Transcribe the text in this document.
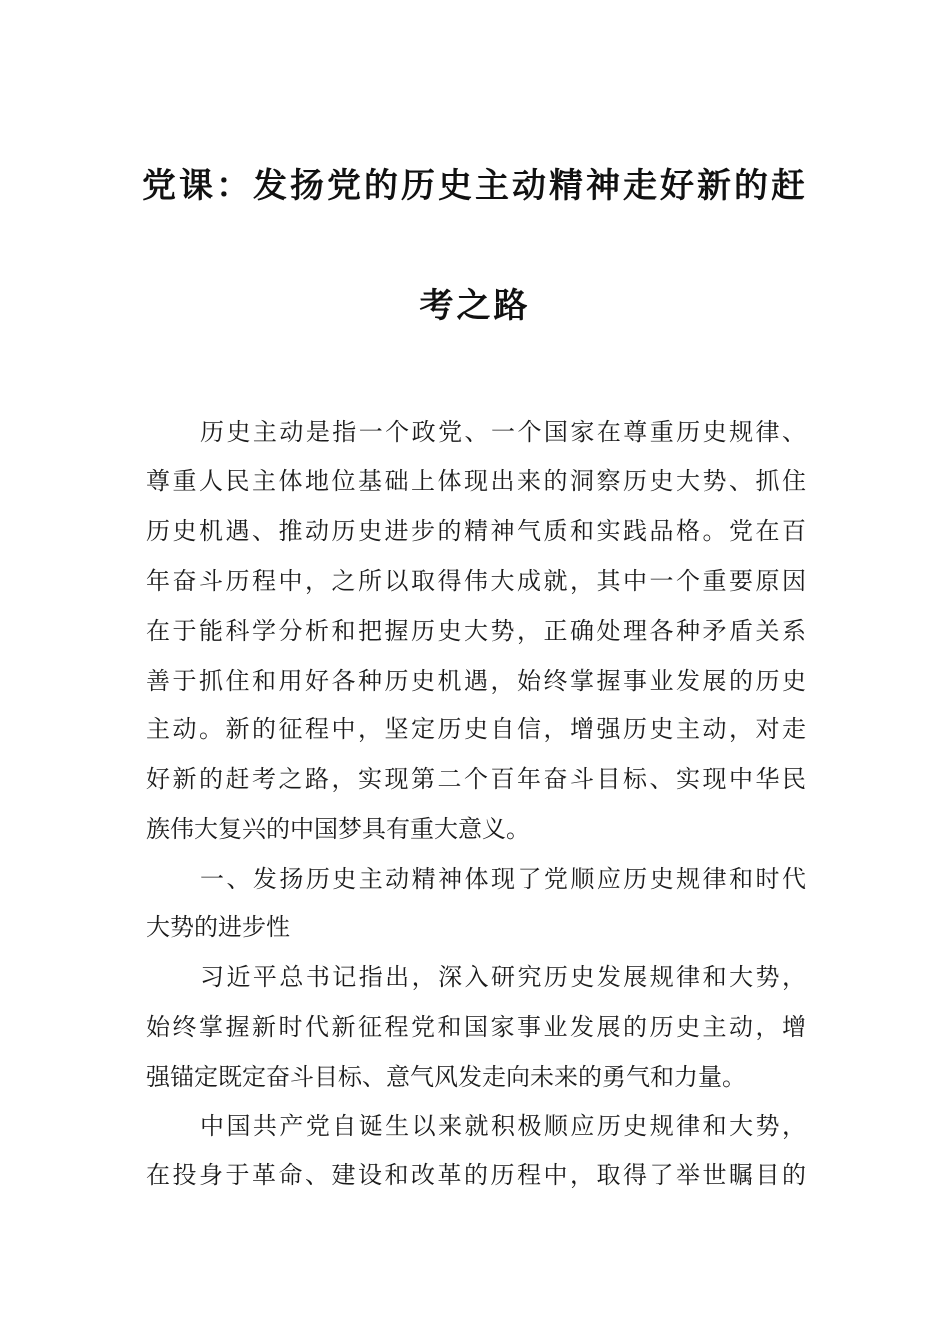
党课：发扬党的历史主动精神走好新的赶
考之路
历史主动是指一个政党、一个国家在尊重历史规律、
尊重人民主体地位基础上体现出来的洞察历史大势、抓住
历史机遇、推动历史进步的精神气质和实践品格。党在百
年奋斗历程中，之所以取得伟大成就，其中一个重要原因
在于能科学分析和把握历史大势，正确处理各种矛盾关系
善于抓住和用好各种历史机遇，始终掌握事业发展的历史
主动。新的征程中，坚定历史自信，增强历史主动，对走
好新的赶考之路，实现第二个百年奋斗目标、实现中华民
族伟大复兴的中国梦具有重大意义。
一、发扬历史主动精神体现了党顺应历史规律和时代
大势的进步性
习近平总书记指出，深入研究历史发展规律和大势，
始终掌握新时代新征程党和国家事业发展的历史主动，增
强锚定既定奋斗目标、意气风发走向未来的勇气和力量。
中国共产党自诞生以来就积极顺应历史规律和大势，
在投身于革命、建设和改革的历程中，取得了举世瞩目的
